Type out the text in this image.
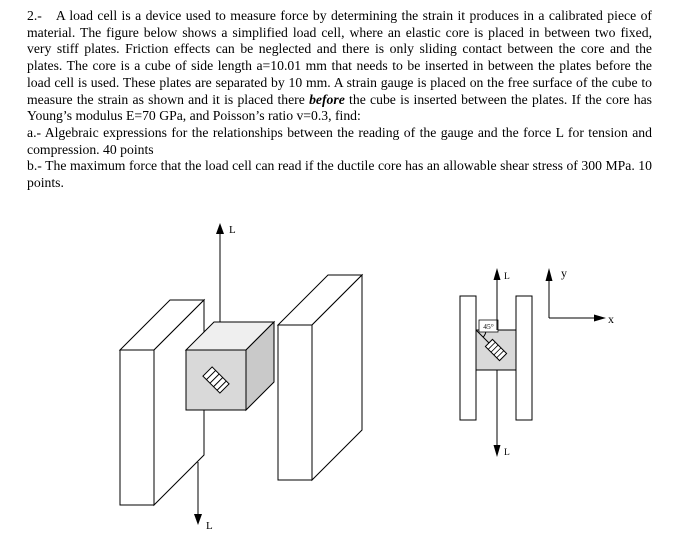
2.- A load cell is a device used to measure force by determining the strain it produces in a calibrated piece of material. The figure below shows a simplified load cell, where an elastic core is placed in between two fixed, very stiff plates. Friction effects can be neglected and there is only sliding contact between the core and the plates. The core is a cube of side length a=10.01 mm that needs to be inserted in between the plates before the load cell is used. These plates are separated by 10 mm. A strain gauge is placed on the free surface of the cube to measure the strain as shown and it is placed there before the cube is inserted between the plates. If the core has Young’s modulus E=70 GPa, and Poisson’s ratio v=0.3, find:

a.- Algebraic expressions for the relationships between the reading of the gauge and the force L for tension and compression. 40 points

b.- The maximum force that the load cell can read if the ductile core has an allowable shear stress of 300 MPa. 10 points.

L
L
45°
L
L
y
x
